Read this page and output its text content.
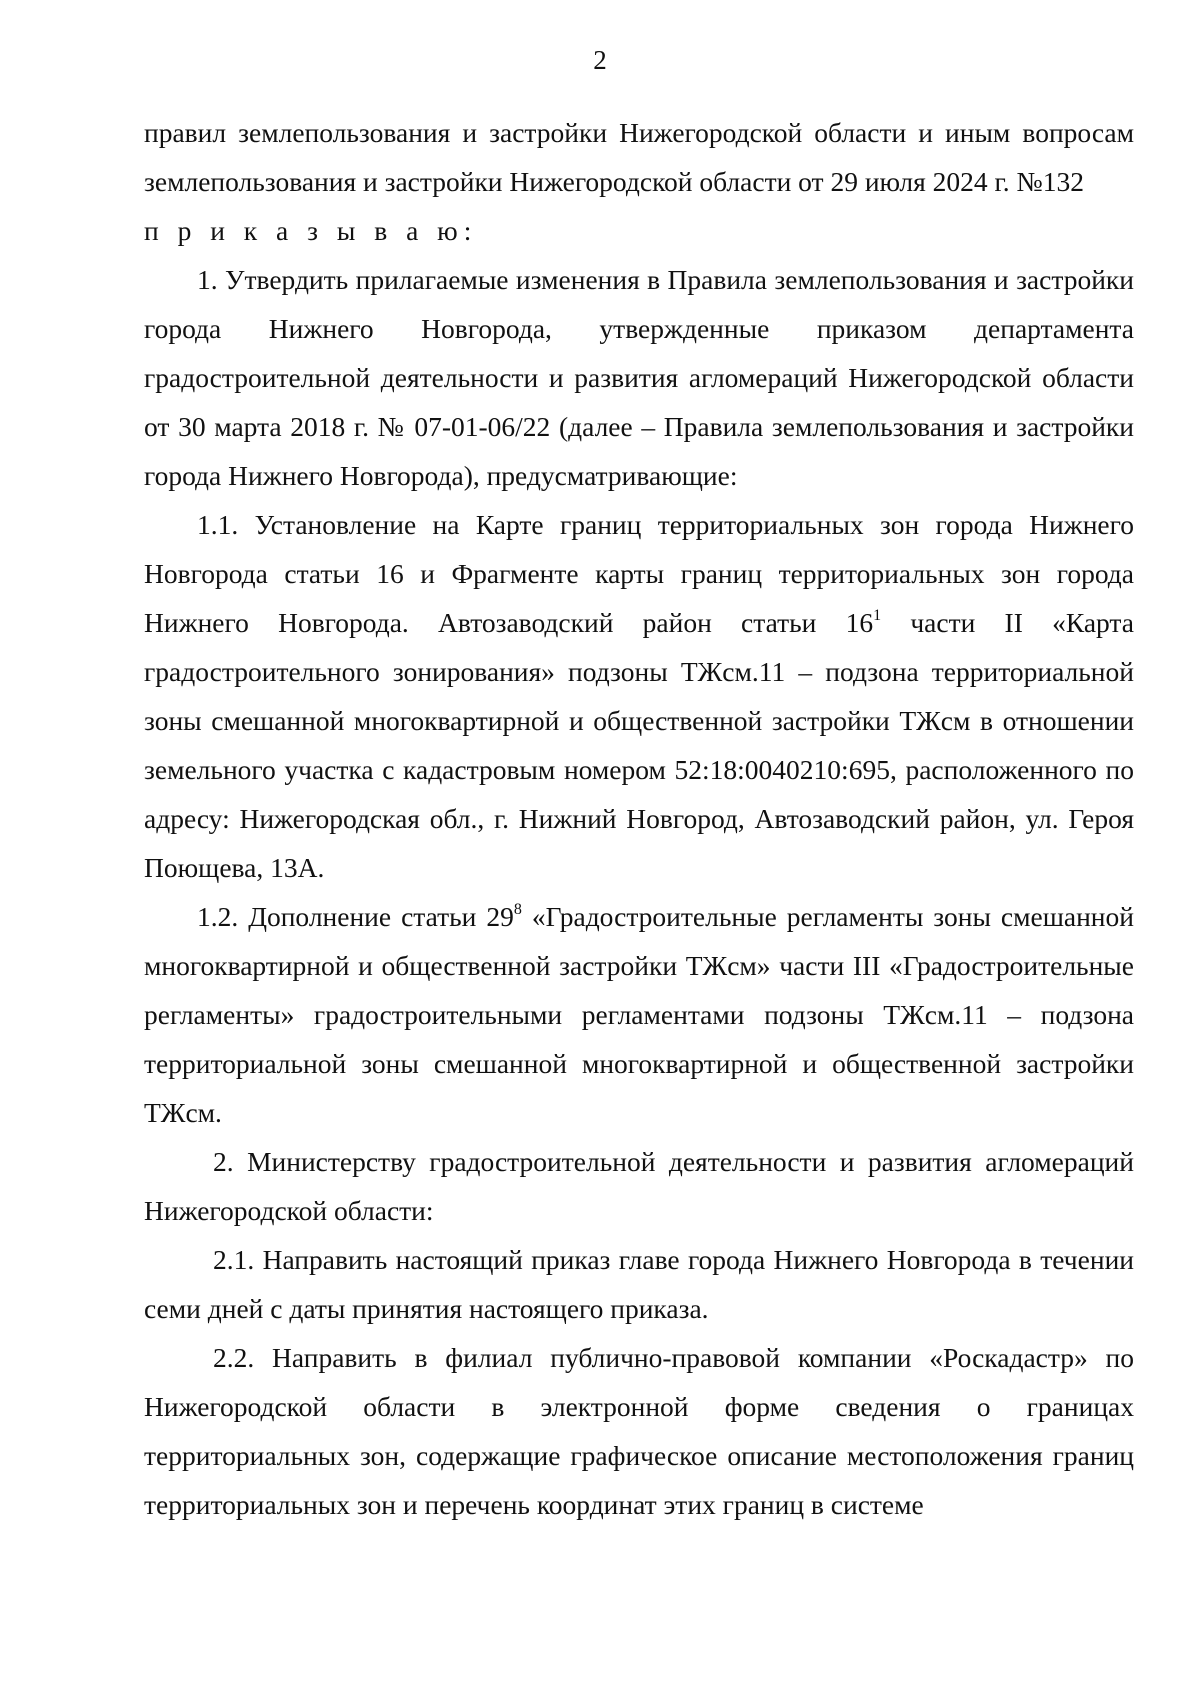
2

правил землепользования и застройки Нижегородской области и иным вопросам землепользования и застройки Нижегородской области от 29 июля 2024 г. №132

п р и к а з ы в а ю:

1. Утвердить прилагаемые изменения в Правила землепользования и застройки города Нижнего Новгорода, утвержденные приказом департамента градостроительной деятельности и развития агломераций Нижегородской области от 30 марта 2018 г. № 07-01-06/22 (далее – Правила землепользования и застройки города Нижнего Новгорода), предусматривающие:

1.1. Установление на Карте границ территориальных зон города Нижнего Новгорода статьи 16 и Фрагменте карты границ территориальных зон города Нижнего Новгорода. Автозаводский район статьи $16^1$ части II «Карта градостроительного зонирования» подзоны ТЖсм.11 – подзона территориальной зоны смешанной многоквартирной и общественной застройки ТЖсм в отношении земельного участка с кадастровым номером 52:18:0040210:695, расположенного по адресу: Нижегородская обл., г. Нижний Новгород, Автозаводский район, ул. Героя Поющева, 13А.

1.2. Дополнение статьи $29^8$ «Градостроительные регламенты зоны смешанной многоквартирной и общественной застройки ТЖсм» части III «Градостроительные регламенты» градостроительными регламентами подзоны ТЖсм.11 – подзона территориальной зоны смешанной многоквартирной и общественной застройки ТЖсм.

2. Министерству градостроительной деятельности и развития агломераций Нижегородской области:

2.1. Направить настоящий приказ главе города Нижнего Новгорода в течении семи дней с даты принятия настоящего приказа.

2.2. Направить в филиал публично-правовой компании «Роскадастр» по Нижегородской области в электронной форме сведения о границах территориальных зон, содержащие графическое описание местоположения границ территориальных зон и перечень координат этих границ в системе
